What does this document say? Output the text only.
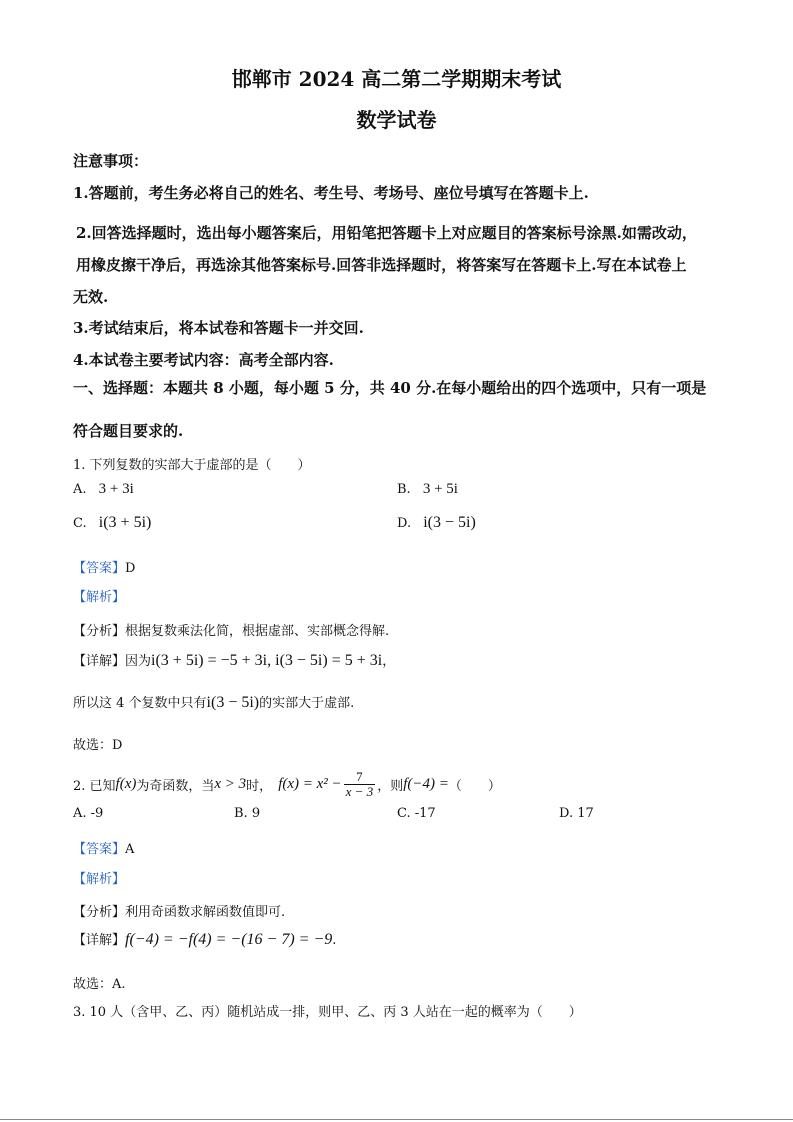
邯郸市 2024 高二第二学期期末考试
数学试卷
注意事项：
1.答题前，考生务必将自己的姓名、考生号、考场号、座位号填写在答题卡上.
2.回答选择题时，选出每小题答案后，用铅笔把答题卡上对应题目的答案标号涂黑.如需改动，
用橡皮擦干净后，再选涂其他答案标号.回答非选择题时，将答案写在答题卡上.写在本试卷上
无效.
3.考试结束后，将本试卷和答题卡一并交回.
4.本试卷主要考试内容：高考全部内容.
一、选择题：本题共 8 小题，每小题 5 分，共 40 分.在每小题给出的四个选项中，只有一项是
符合题目要求的.
1. 下列复数的实部大于虚部的是（　　）
A. 3 + 3i	B. 3 + 5i
C. i(3 + 5i)	D. i(3 − 5i)
【答案】D
【解析】
【分析】根据复数乘法化简，根据虚部、实部概念得解.
【详解】因为i(3 + 5i) = −5 + 3i, i(3 − 5i) = 5 + 3i，
所以这 4 个复数中只有i(3 − 5i)的实部大于虚部.
故选：D
2. 已知 f(x) 为奇函数，当 x > 3 时， $f(x) = x^2 - \frac{7}{x - 3}$ ，则 f(−4) = （　　）
A. -9	B. 9	C. -17	D. 17
【答案】A
【解析】
【分析】利用奇函数求解函数值即可.
【详解】f(−4) = −f(4) = −(16 − 7) = −9.
故选：A.
3. 10 人（含甲、乙、丙）随机站成一排，则甲、乙、丙 3 人站在一起的概率为（　　）
